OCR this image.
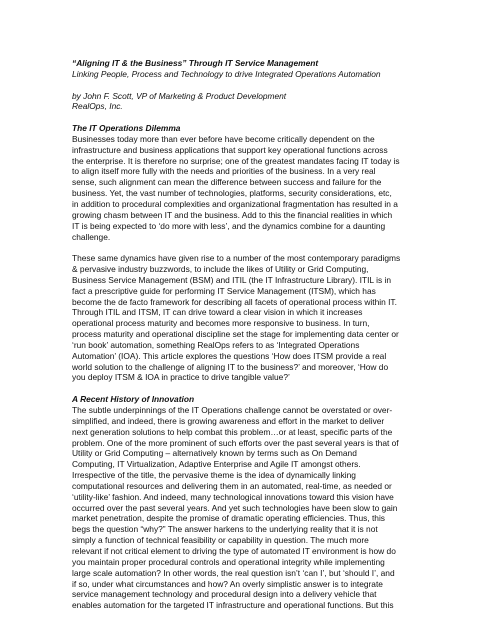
“Aligning IT & the Business” Through IT Service Management
Linking People, Process and Technology to drive Integrated Operations Automation
by John F. Scott, VP of Marketing & Product Development
RealOps, Inc.
The IT Operations Dilemma
Businesses today more than ever before have become critically dependent on the
infrastructure and business applications that support key operational functions across
the enterprise. It is therefore no surprise; one of the greatest mandates facing IT today is
to align itself more fully with the needs and priorities of the business. In a very real
sense, such alignment can mean the difference between success and failure for the
business. Yet, the vast number of technologies, platforms, security considerations, etc,
in addition to procedural complexities and organizational fragmentation has resulted in a
growing chasm between IT and the business. Add to this the financial realities in which
IT is being expected to ‘do more with less’, and the dynamics combine for a daunting
challenge.
These same dynamics have given rise to a number of the most contemporary paradigms
& pervasive industry buzzwords, to include the likes of Utility or Grid Computing,
Business Service Management (BSM) and ITIL (the IT Infrastructure Library). ITIL is in
fact a prescriptive guide for performing IT Service Management (ITSM), which has
become the de facto framework for describing all facets of operational process within IT.
Through ITIL and ITSM, IT can drive toward a clear vision in which it increases
operational process maturity and becomes more responsive to business. In turn,
process maturity and operational discipline set the stage for implementing data center or
‘run book’ automation, something RealOps refers to as ‘Integrated Operations
Automation’ (IOA). This article explores the questions ‘How does ITSM provide a real
world solution to the challenge of aligning IT to the business?’ and moreover, ‘How do
you deploy ITSM & IOA in practice to drive tangible value?’
A Recent History of Innovation
The subtle underpinnings of the IT Operations challenge cannot be overstated or over-
simplified, and indeed, there is growing awareness and effort in the market to deliver
next generation solutions to help combat this problem…or at least, specific parts of the
problem. One of the more prominent of such efforts over the past several years is that of
Utility or Grid Computing – alternatively known by terms such as On Demand
Computing, IT Virtualization, Adaptive Enterprise and Agile IT amongst others.
Irrespective of the title, the pervasive theme is the idea of dynamically linking
computational resources and delivering them in an automated, real-time, as needed or
‘utility-like’ fashion. And indeed, many technological innovations toward this vision have
occurred over the past several years. And yet such technologies have been slow to gain
market penetration, despite the promise of dramatic operating efficiencies. Thus, this
begs the question “why?” The answer harkens to the underlying reality that it is not
simply a function of technical feasibility or capability in question. The much more
relevant if not critical element to driving the type of automated IT environment is how do
you maintain proper procedural controls and operational integrity while implementing
large scale automation? In other words, the real question isn’t ‘can I’, but ‘should I’, and
if so, under what circumstances and how? An overly simplistic answer is to integrate
service management technology and procedural design into a delivery vehicle that
enables automation for the targeted IT infrastructure and operational functions. But this
